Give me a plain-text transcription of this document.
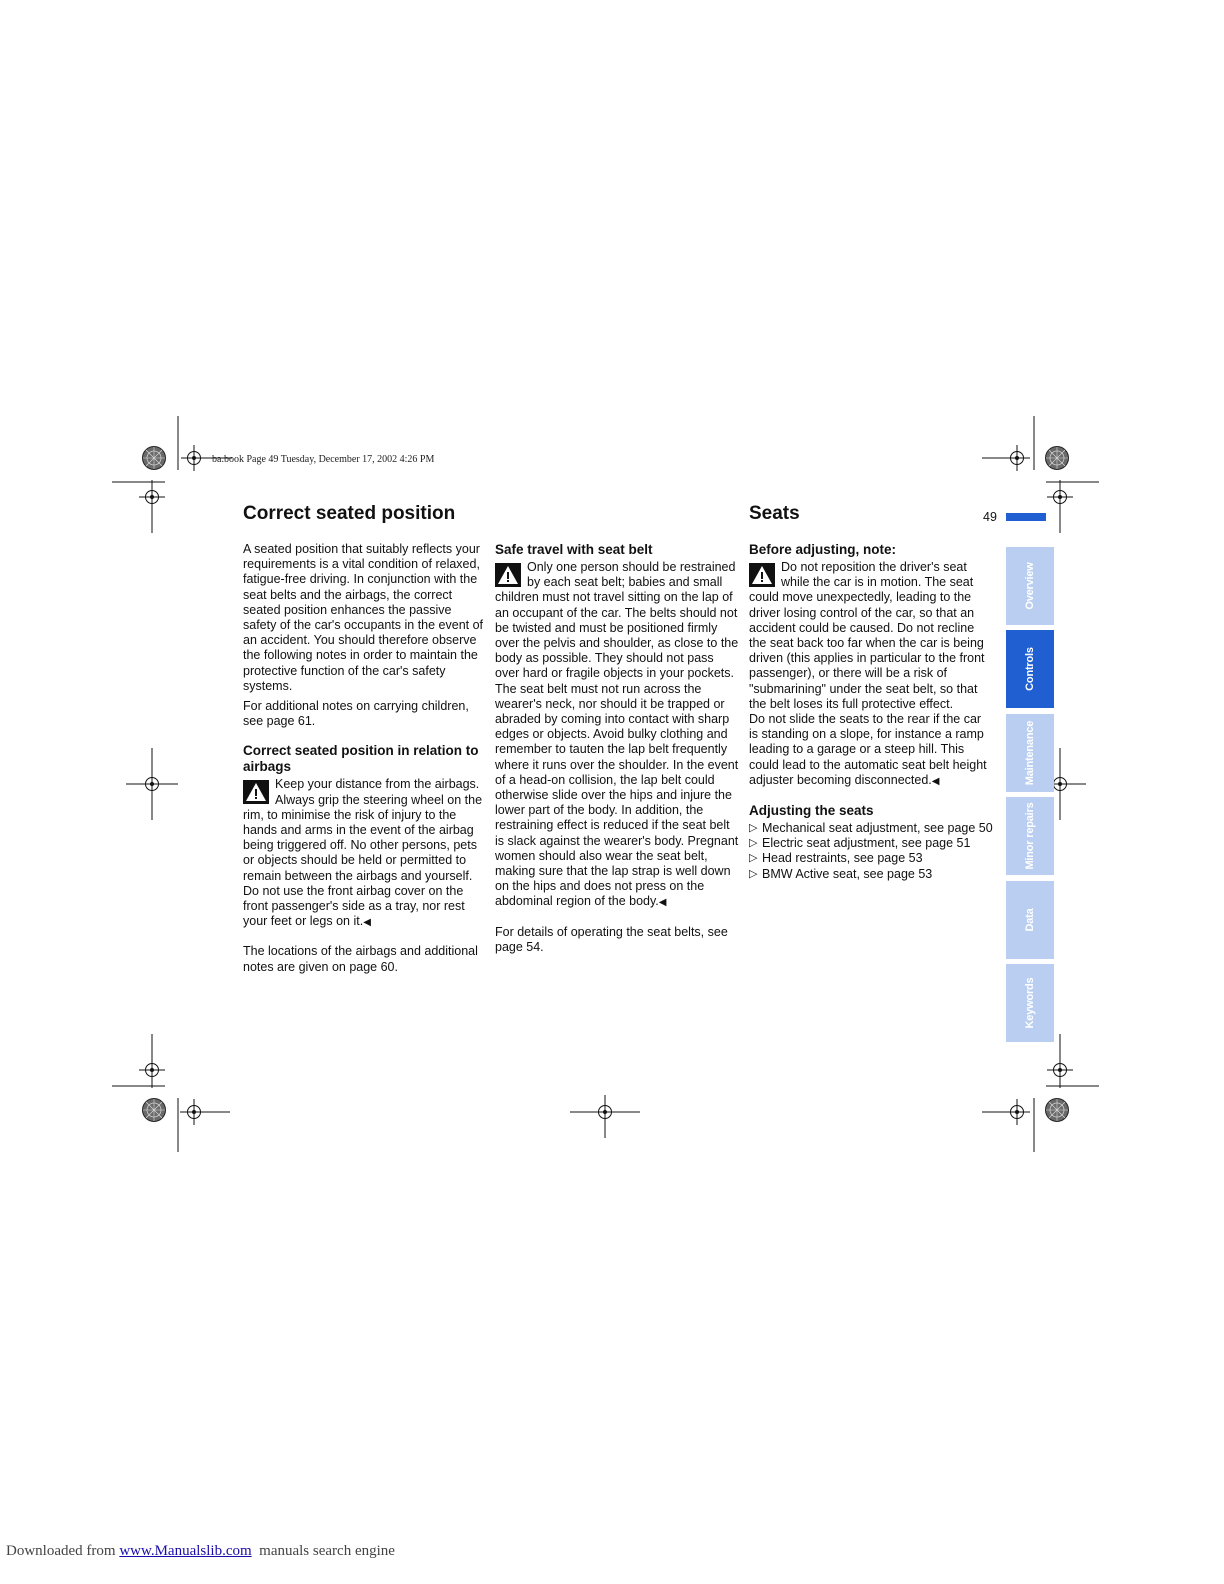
ba.book Page 49 Tuesday, December 17, 2002 4:26 PM
Correct seated position	Seats	49

A seated position that suitably reflects your requirements is a vital condition of relaxed, fatigue-free driving. In conjunction with the seat belts and the airbags, the correct seated position enhances the passive safety of the car's occupants in the event of an accident. You should therefore observe the following notes in order to maintain the protective function of the car's safety systems.

For additional notes on carrying children, see page 61.

Correct seated position in relation to airbags
Keep your distance from the airbags. Always grip the steering wheel on the rim, to minimise the risk of injury to the hands and arms in the event of the airbag being triggered off. No other persons, pets or objects should be held or permitted to remain between the airbags and yourself. Do not use the front airbag cover on the front passenger's side as a tray, nor rest your feet or legs on it.◀

The locations of the airbags and additional notes are given on page 60.

Safe travel with seat belt
Only one person should be restrained by each seat belt; babies and small children must not travel sitting on the lap of an occupant of the car. The belts should not be twisted and must be positioned firmly over the pelvis and shoulder, as close to the body as possible. They should not pass over hard or fragile objects in your pockets. The seat belt must not run across the wearer's neck, nor should it be trapped or abraded by coming into contact with sharp edges or objects. Avoid bulky clothing and remember to tauten the lap belt frequently where it runs over the shoulder. In the event of a head-on collision, the lap belt could otherwise slide over the hips and injure the lower part of the body. In addition, the restraining effect is reduced if the seat belt is slack against the wearer's body. Pregnant women should also wear the seat belt, making sure that the lap strap is well down on the hips and does not press on the abdominal region of the body.◀

For details of operating the seat belts, see page 54.

Before adjusting, note:
Do not reposition the driver's seat while the car is in motion. The seat could move unexpectedly, leading to the driver losing control of the car, so that an accident could be caused. Do not recline the seat back too far when the car is being driven (this applies in particular to the front passenger), or there will be a risk of "submarining" under the seat belt, so that the belt loses its full protective effect.
Do not slide the seats to the rear if the car is standing on a slope, for instance a ramp leading to a garage or a steep hill. This could lead to the automatic seat belt height adjuster becoming disconnected.◀
Adjusting the seats
▷ Mechanical seat adjustment, see page 50
▷ Electric seat adjustment, see page 51
▷ Head restraints, see page 53
▷ BMW Active seat, see page 53
Overview
Controls
Maintenance
Minor repairs
Data
Keywords
Downloaded from www.Manualslib.com  manuals search engine
